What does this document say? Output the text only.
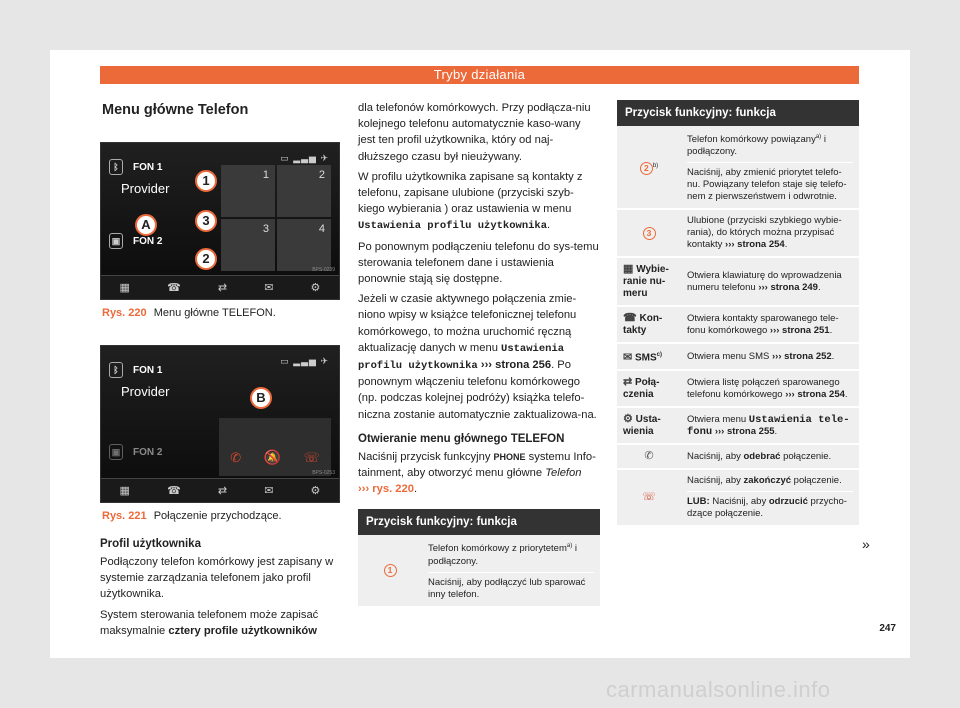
Tryby działania
Menu główne Telefon
▭ ▂▃▅ ✈
ᛒ	FON 1
Provider
▣ FON 2
1	2
3	4
BPS-0239
▦	☎	⇄	✉	⚙
1
A	3
2
Rys. 220 Menu główne TELEFON.
▭ ▂▃▅ ✈
ᛒ	FON 1
Provider
▣ FON 2	✆ 🔕 ☏
BPS-0253
▦	☎	⇄	✉	⚙
B
Rys. 221 Połączenie przychodzące.
Profil użytkownika

Podłączony telefon komórkowy jest zapisany w systemie zarządzania telefonem jako profil użytkownika.

System sterowania telefonem może zapisać maksymalnie cztery profile użytkowników

dla telefonów komórkowych. Przy podłącza-niu kolejnego telefonu automatycznie kaso-wany jest ten profil użytkownika, który od naj-dłuższego czasu był nieużywany.

W profilu użytkownika zapisane są kontakty z telefonu, zapisane ulubione (przyciski szyb-kiego wybierania ) oraz ustawienia w menu Ustawienia profilu użytkownika.

Po ponownym podłączeniu telefonu do sys-temu sterowania telefonem dane i ustawienia ponownie stają się dostępne.

Jeżeli w czasie aktywnego połączenia zmie-niono wpisy w książce telefonicznej telefonu komórkowego, to można uruchomić ręczną aktualizację danych w menu Ustawienia profilu użytkownika ››› strona 256. Po ponownym włączeniu telefonu komórkowego (np. podczas kolejnej podróży) książka telefo-niczna zostanie automatycznie zaktualizowa-na.

Otwieranie menu głównego TELEFON

Naciśnij przycisk funkcyjny PHONE systemu Info-tainment, aby otworzyć menu główne Telefon
››› rys. 220.

Przycisk funkcyjny: funkcja
1	Telefon komórkowy z priorytetem$^{a)}$ i podłączony.
Naciśnij, aby podłączyć lub sparować inny telefon.
Przycisk funkcyjny: funkcja	
2 $^{b)}$	Telefon komórkowy powiązany$^{a)}$ i podłączony.
Naciśnij, aby zmienić priorytet telefo-nu. Powiązany telefon staje się telefo-nem z pierwszeństwem i odwrotnie.

3	Ulubione (przyciski szybkiego wybie-rania), do których można przypisać kontakty ››› strona 254.
▦ Wybie-ranie nu-meru	Otwiera klawiaturę do wprowadzenia numeru telefonu ››› strona 249.
☎ Kon-takty	Otwiera kontakty sparowanego tele-fonu komórkowego ››› strona 251.
✉ SMS$^{c)}$	Otwiera menu SMS ››› strona 252.
⇄ Połą-czenia	Otwiera listę połączeń sparowanego telefonu komórkowego ››› strona 254.
⚙ Usta-wienia	Otwiera menu Ustawienia tele-fonu ››› strona 255.
✆	Naciśnij, aby odebrać połączenie.
☏	Naciśnij, aby zakończyć połączenie.
LUB: Naciśnij, aby odrzucić przycho-dzące połączenie.
»
247
carmanualsonline.info
